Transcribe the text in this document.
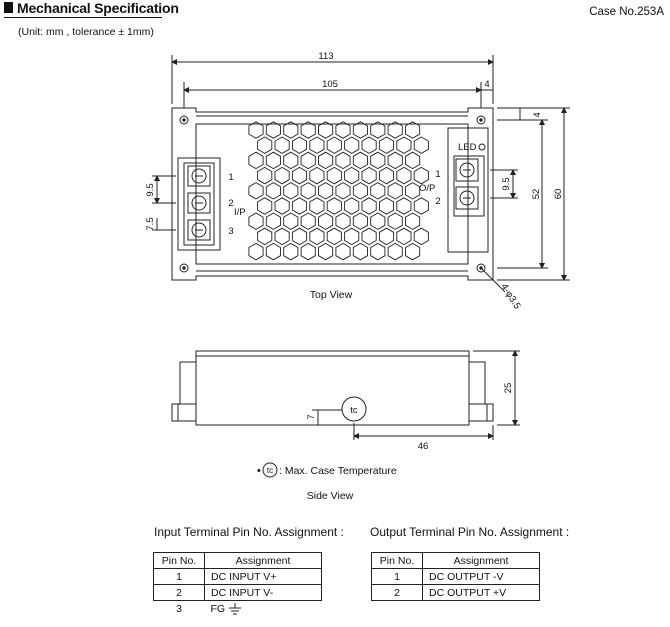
Mechanical Specification	Case No.253A
(Unit: mm , tolerance ± 1mm)
113
105	4
4
52 60
9.5
7.5
9.5
1
2
3
I/P
1
2
O/P
LED
4-φ3.5
Top View
25
7
46
tc
• tc : Max. Case Temperature
Side View
Input Terminal Pin No. Assignment : Output Terminal Pin No. Assignment :
Pin No.	Assignment
1	DC INPUT V+
2	DC INPUT V-
3	FG
Pin No.	Assignment
1	DC OUTPUT -V
2	DC OUTPUT +V
